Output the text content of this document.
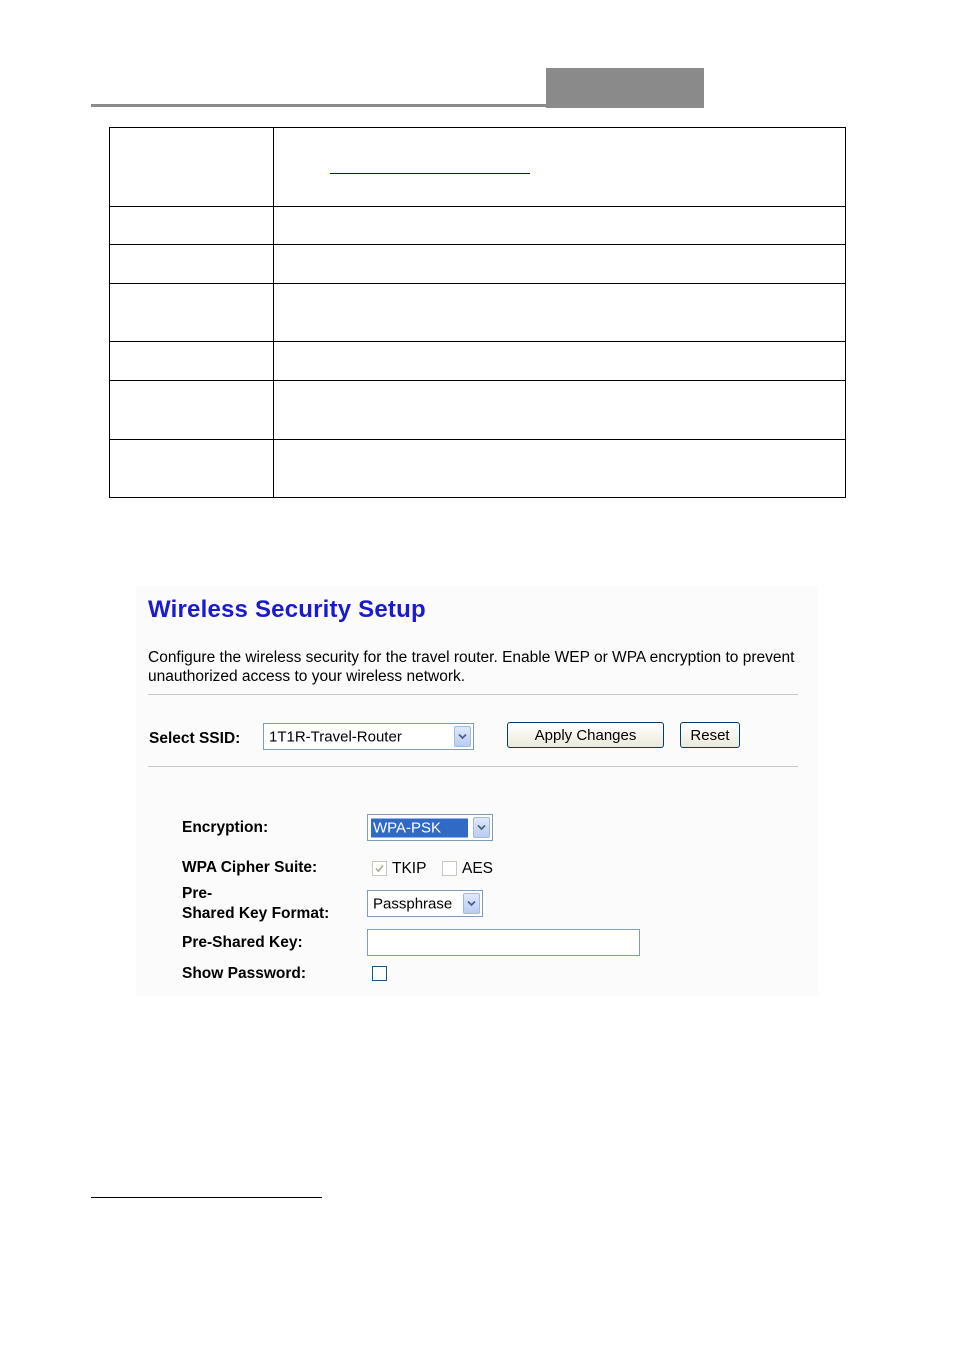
Wireless Security Setup
Configure the wireless security for the travel router. Enable WEP or WPA encryption to prevent unauthorized access to your wireless network.
Select SSID: 1T1R-Travel-Router	Apply Changes	Reset
Encryption:	WPA-PSK
WPA Cipher Suite:	TKIP AES
Pre-
Shared Key Format:
Passphrase
Pre-Shared Key:
Show Password:
